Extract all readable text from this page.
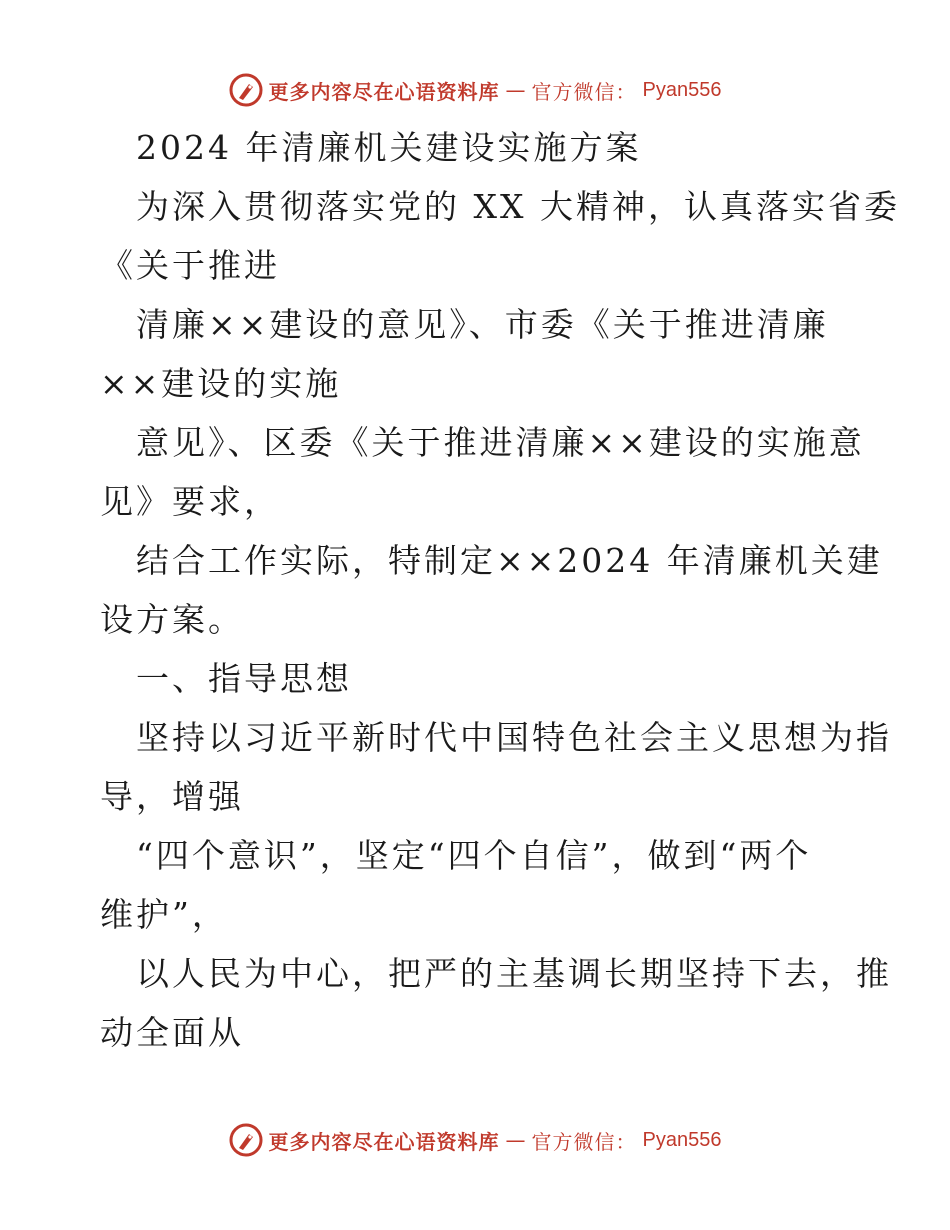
更多内容尽在心语资料库 — 官方微信： Pyan556
2024 年清廉机关建设实施方案
为深入贯彻落实党的 XX 大精神，认真落实省委
《关于推进
清廉××建设的意见》、市委《关于推进清廉
××建设的实施
意见》、区委《关于推进清廉××建设的实施意
见》要求，
结合工作实际，特制定××2024 年清廉机关建
设方案。
一、指导思想
坚持以习近平新时代中国特色社会主义思想为指
导，增强
“四个意识”，坚定“四个自信”，做到“两个
维护”，
以人民为中心，把严的主基调长期坚持下去，推
动全面从
更多内容尽在心语资料库 — 官方微信： Pyan556
